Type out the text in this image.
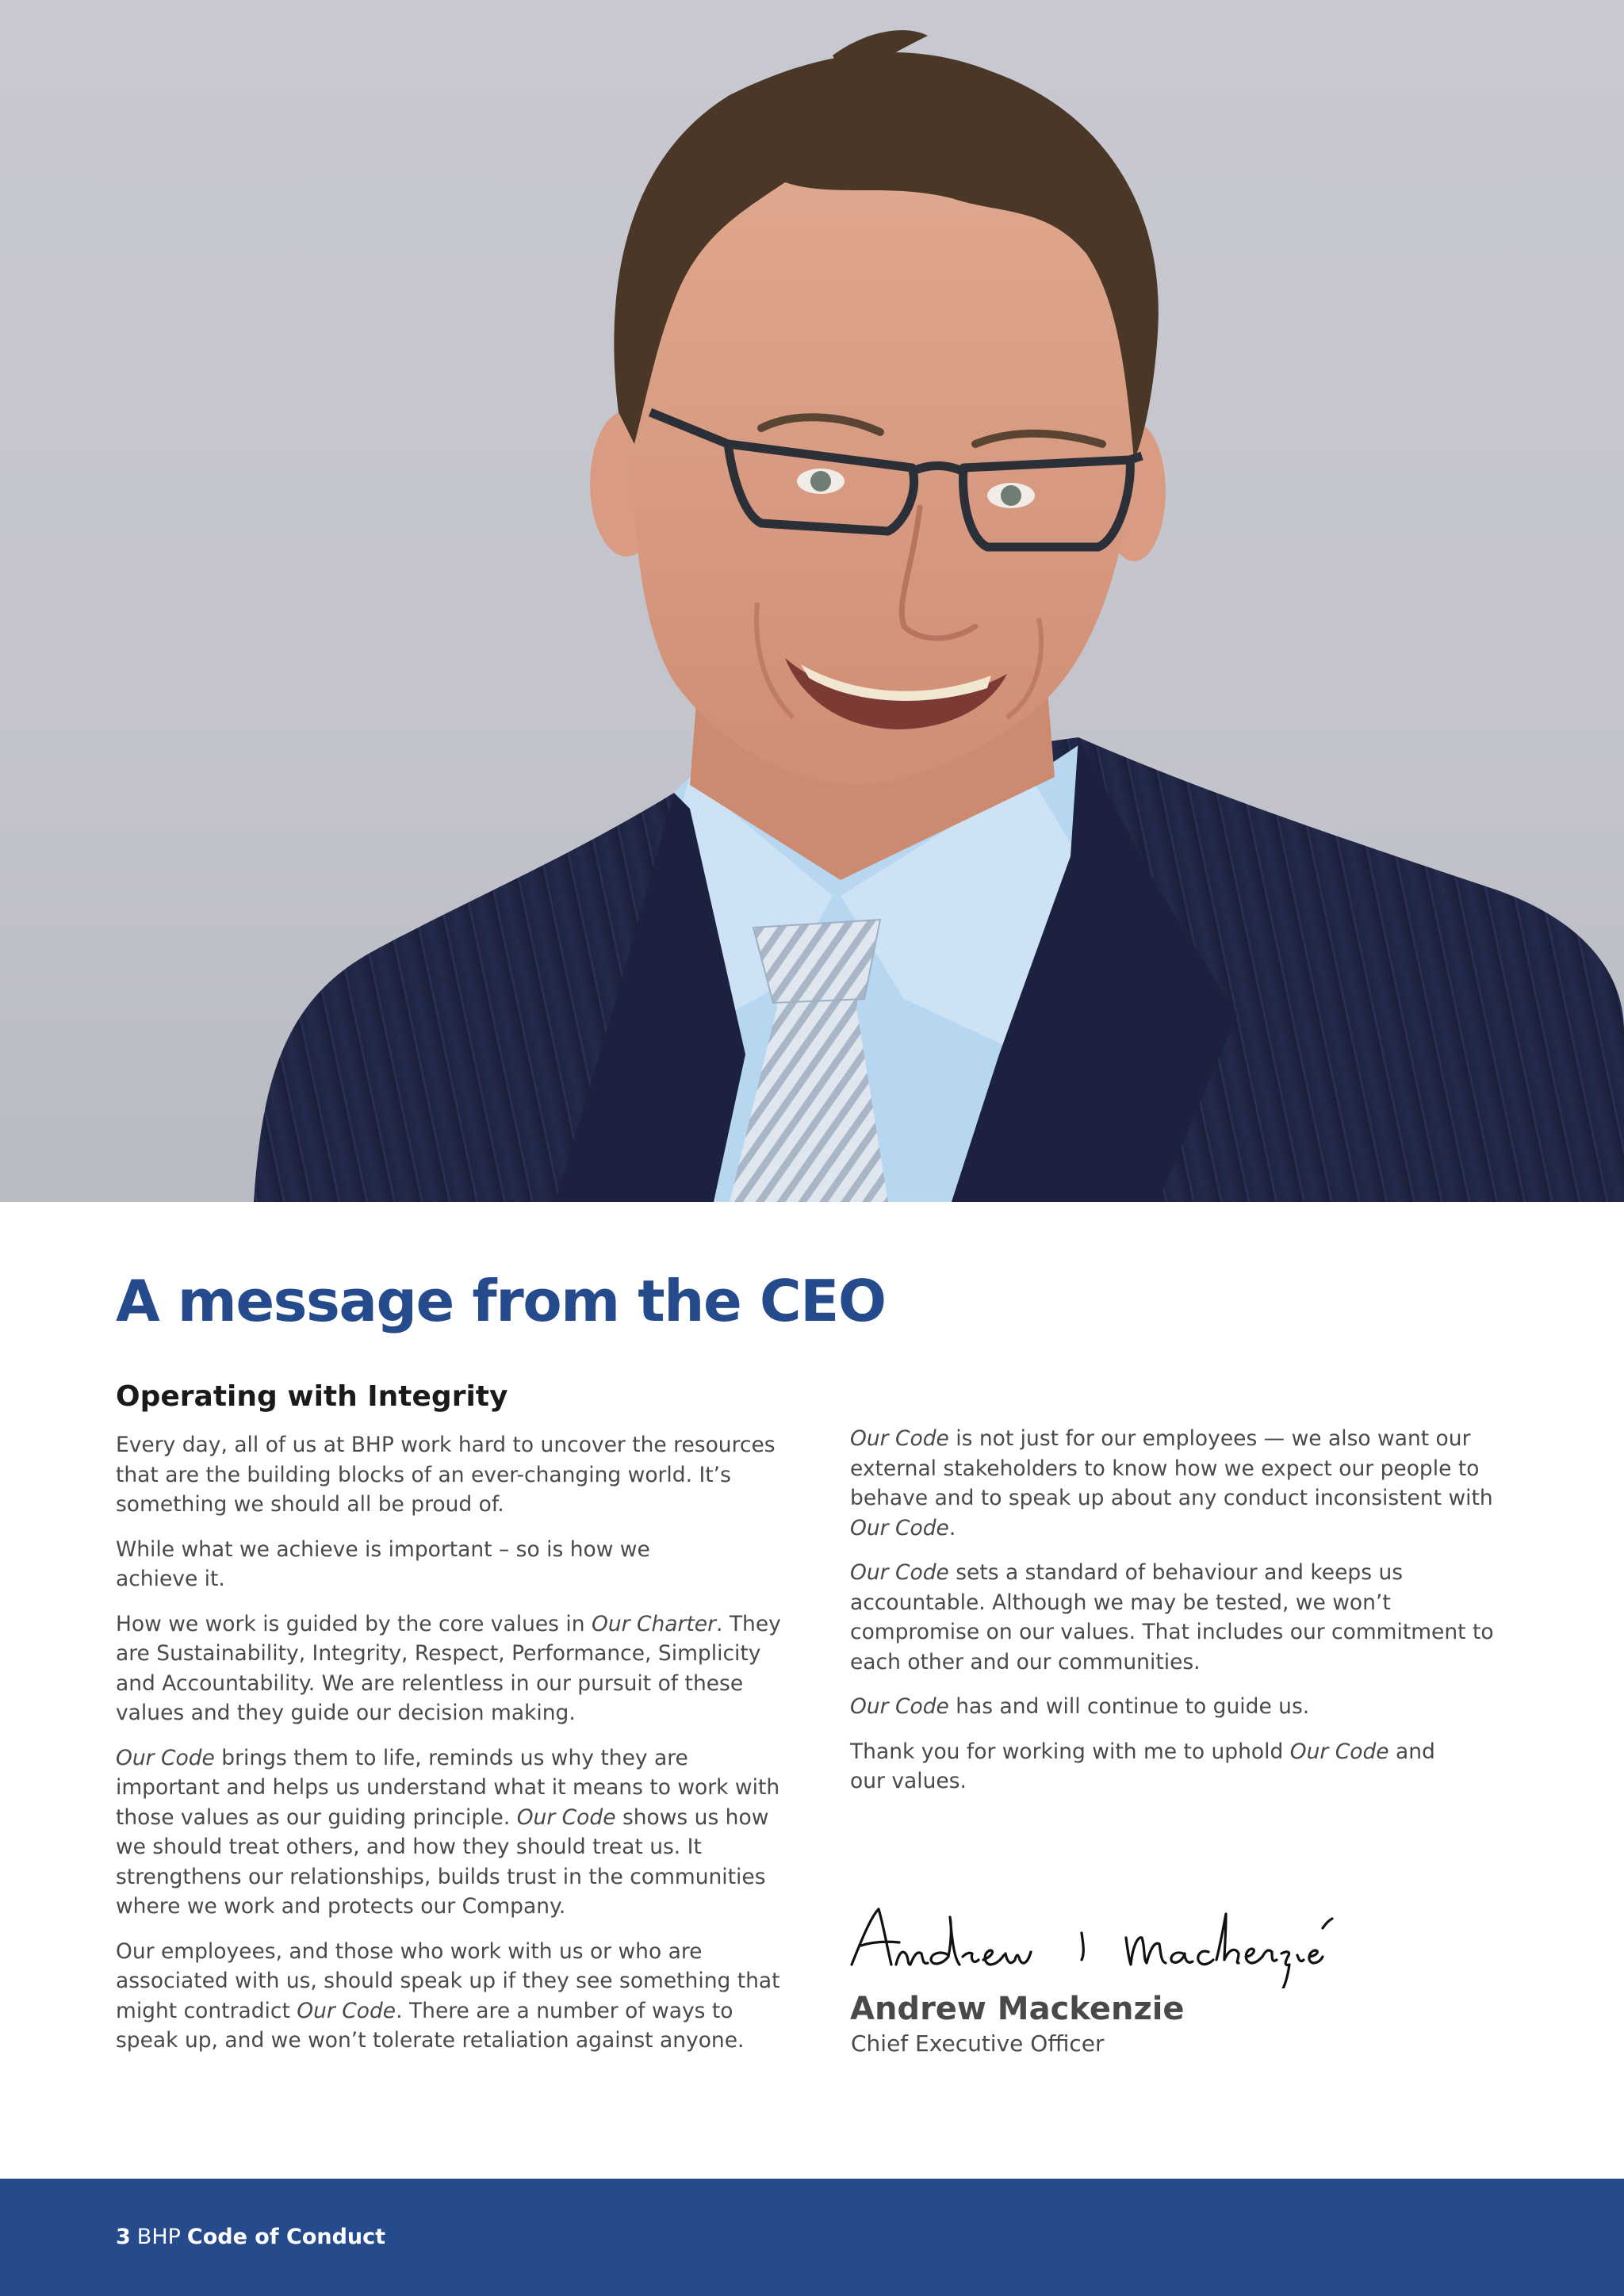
A message from the CEO
Operating with Integrity

Every day, all of us at BHP work hard to uncover the resources that are the building blocks of an ever-changing world. It’s something we should all be proud of.

While what we achieve is important – so is how we achieve it.

How we work is guided by the core values in Our Charter. They are Sustainability, Integrity, Respect, Performance, Simplicity and Accountability. We are relentless in our pursuit of these values and they guide our decision making.

Our Code brings them to life, reminds us why they are important and helps us understand what it means to work with those values as our guiding principle. Our Code shows us how we should treat others, and how they should treat us. It strengthens our relationships, builds trust in the communities where we work and protects our Company.

Our employees, and those who work with us or who are associated with us, should speak up if they see something that might contradict Our Code. There are a number of ways to speak up, and we won’t tolerate retaliation against anyone.

Our Code is not just for our employees — we also want our external stakeholders to know how we expect our people to behave and to speak up about any conduct inconsistent with Our Code.

Our Code sets a standard of behaviour and keeps us accountable. Although we may be tested, we won’t compromise on our values. That includes our commitment to each other and our communities.

Our Code has and will continue to guide us.

Thank you for working with me to uphold Our Code and our values.

Andrew Mackenzie
Chief Executive Officer
3 BHP Code of Conduct
